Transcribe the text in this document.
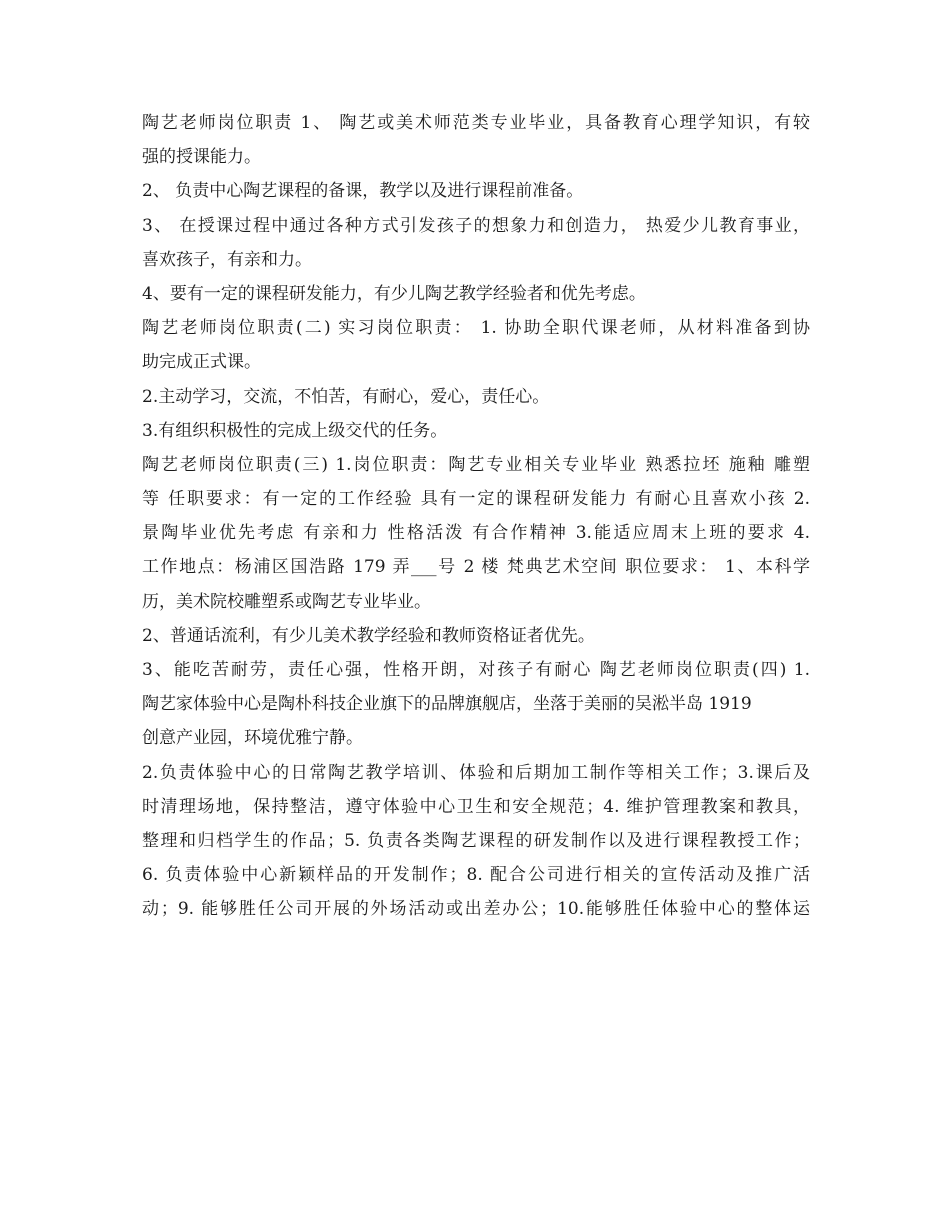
陶艺老师岗位职责 1、 陶艺或美术师范类专业毕业，具备教育心理学知识，有较
强的授课能力。
2、 负责中心陶艺课程的备课，教学以及进行课程前准备。
3、 在授课过程中通过各种方式引发孩子的想象力和创造力， 热爱少儿教育事业，
喜欢孩子，有亲和力。
4、要有一定的课程研发能力，有少儿陶艺教学经验者和优先考虑。
陶艺老师岗位职责(二) 实习岗位职责： 1. 协助全职代课老师，从材料准备到协
助完成正式课。
2.主动学习，交流，不怕苦，有耐心，爱心，责任心。
3.有组织积极性的完成上级交代的任务。
陶艺老师岗位职责(三) 1.岗位职责：陶艺专业相关专业毕业 熟悉拉坯 施釉 雕塑
等 任职要求：有一定的工作经验 具有一定的课程研发能力 有耐心且喜欢小孩 2.
景陶毕业优先考虑 有亲和力 性格活泼 有合作精神 3.能适应周末上班的要求 4.
工作地点：杨浦区国浩路 179 弄___号 2 楼 梵典艺术空间 职位要求： 1、本科学
历，美术院校雕塑系或陶艺专业毕业。
2、普通话流利，有少儿美术教学经验和教师资格证者优先。
3、能吃苦耐劳，责任心强，性格开朗，对孩子有耐心 陶艺老师岗位职责(四) 1.
陶艺家体验中心是陶朴科技企业旗下的品牌旗舰店，坐落于美丽的吴淞半岛 1919
创意产业园，环境优雅宁静。
2.负责体验中心的日常陶艺教学培训、体验和后期加工制作等相关工作；3.课后及
时清理场地，保持整洁，遵守体验中心卫生和安全规范；4. 维护管理教案和教具，
整理和归档学生的作品；5. 负责各类陶艺课程的研发制作以及进行课程教授工作；
6. 负责体验中心新颖样品的开发制作；8. 配合公司进行相关的宣传活动及推广活
动；9. 能够胜任公司开展的外场活动或出差办公；10.能够胜任体验中心的整体运
